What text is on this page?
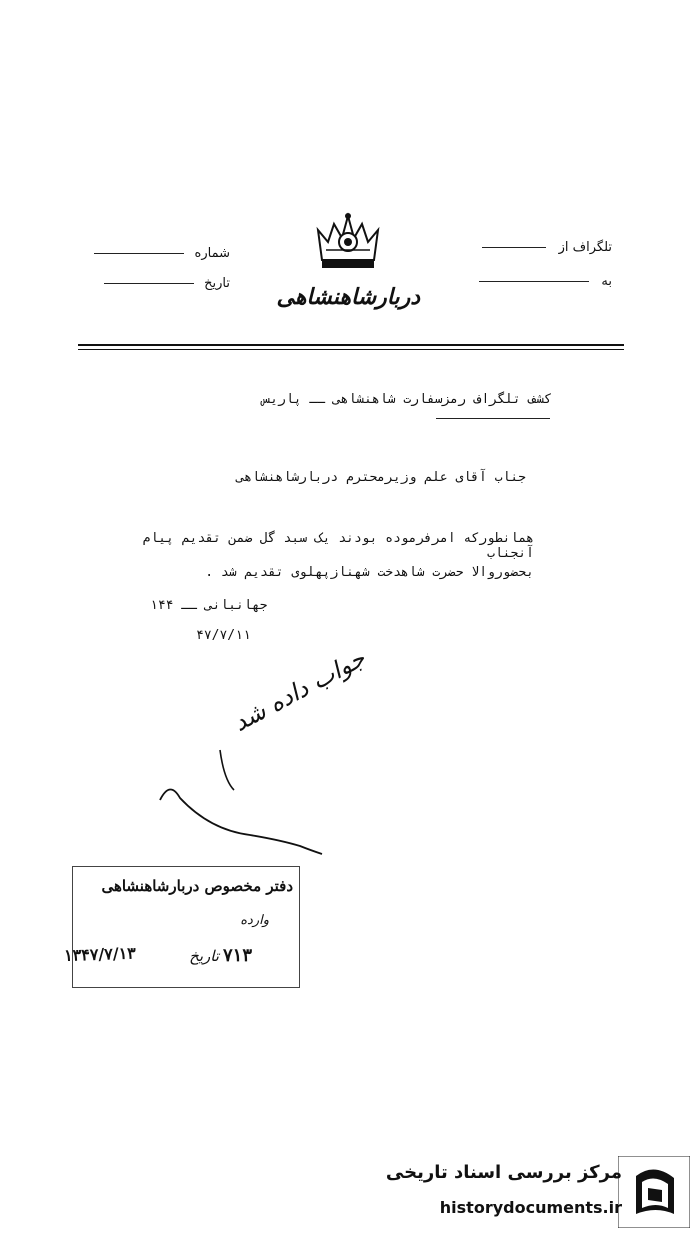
تلگراف از
به
شماره
تاریخ
دربارشاهنشاهی
کشف تلگراف رمزسفارت شاهنشاهی ــ پاریس
جناب آقای علم وزیرمحترم دربارشاهنشاهی
همانطورکه امرفرموده بودند یک سبد گل ضمن تقدیم پیام آنجناب
بحضوروالا حضرت شاهدخت شهنازپهلوی تقدیم شد .
جهانبانی ــ ۱۴۴
۴۷/۷/۱۱
جواب داده شد
دفتر مخصوص دربارشاهنشاهی
وارده
۷۱۳
تاریخ
۱۳۴۷/۷/۱۳
مرکز بررسی اسناد تاریخی
historydocuments.ir
